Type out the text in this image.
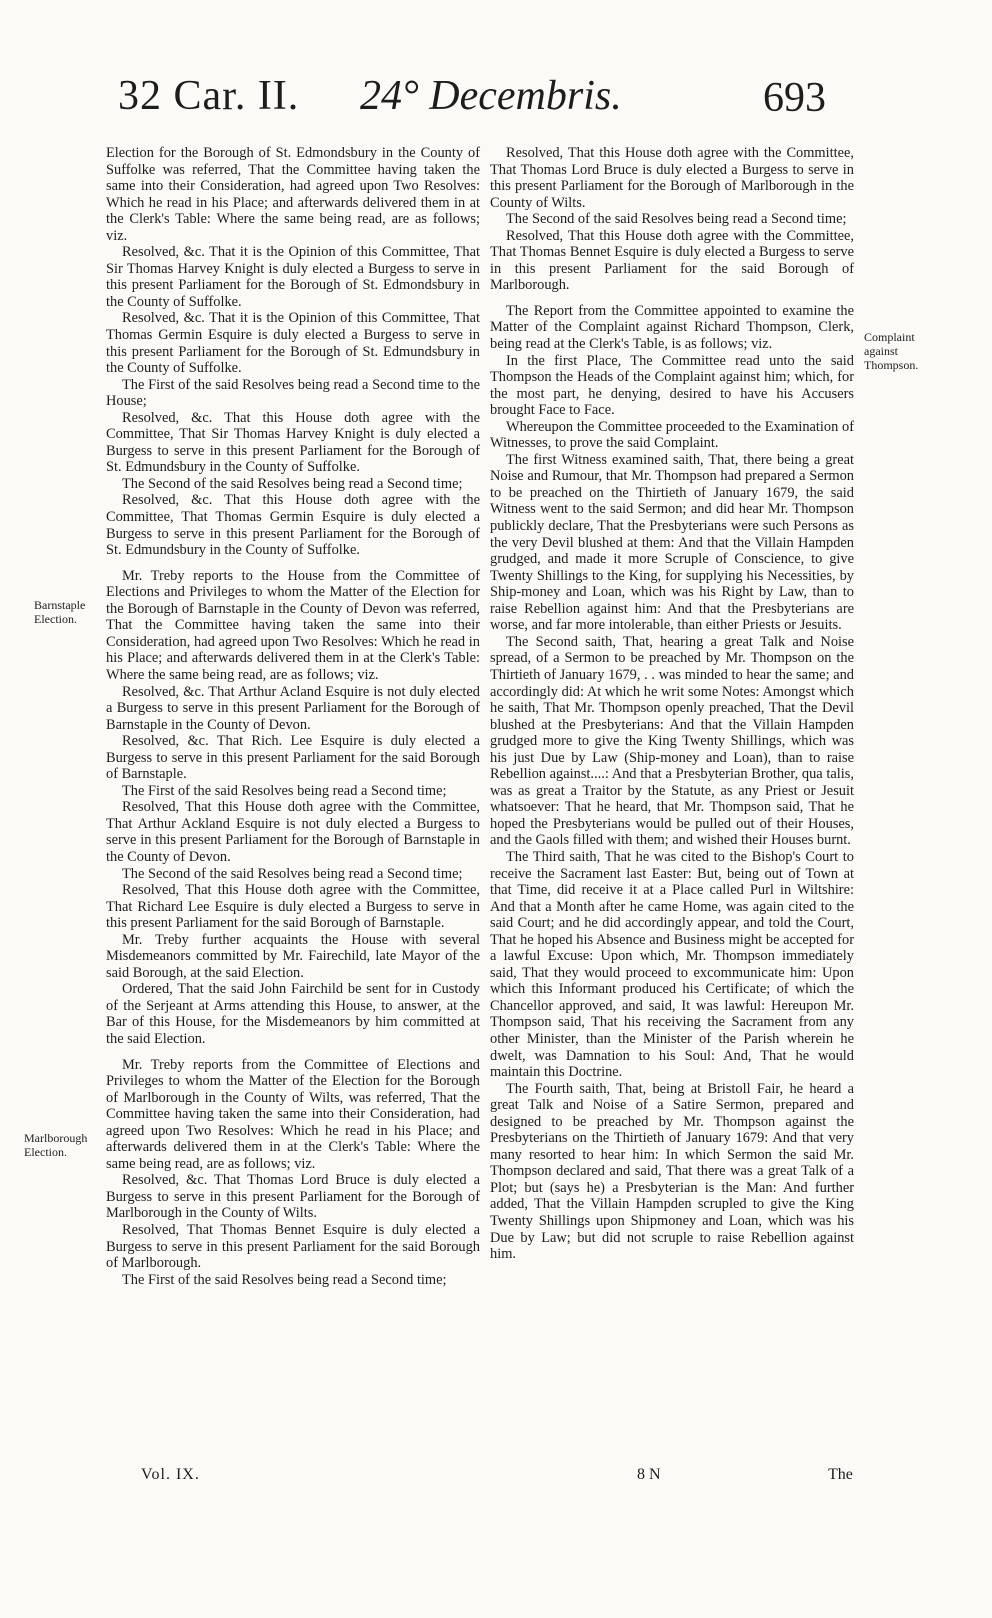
32 Car. II. 24° Decembris.	693
Barnstaple Election.
Marlborough Election.
Complaint against Thompson.

Election for the Borough of St. Edmondsbury in the County of Suffolke was referred, That the Committee having taken the same into their Consideration, had agreed upon Two Resolves: Which he read in his Place; and afterwards delivered them in at the Clerk's Table: Where the same being read, are as follows; viz.

Resolved, &c. That it is the Opinion of this Committee, That Sir Thomas Harvey Knight is duly elected a Burgess to serve in this present Parliament for the Borough of St. Edmondsbury in the County of Suffolke.

Resolved, &c. That it is the Opinion of this Committee, That Thomas Germin Esquire is duly elected a Burgess to serve in this present Parliament for the Borough of St. Edmundsbury in the County of Suffolke.

The First of the said Resolves being read a Second time to the House;

Resolved, &c. That this House doth agree with the Committee, That Sir Thomas Harvey Knight is duly elected a Burgess to serve in this present Parliament for the Borough of St. Edmundsbury in the County of Suffolke.

The Second of the said Resolves being read a Second time;

Resolved, &c. That this House doth agree with the Committee, That Thomas Germin Esquire is duly elected a Burgess to serve in this present Parliament for the Borough of St. Edmundsbury in the County of Suffolke.

Mr. Treby reports to the House from the Committee of Elections and Privileges to whom the Matter of the Election for the Borough of Barnstaple in the County of Devon was referred, That the Committee having taken the same into their Consideration, had agreed upon Two Resolves: Which he read in his Place; and afterwards delivered them in at the Clerk's Table: Where the same being read, are as follows; viz.

Resolved, &c. That Arthur Acland Esquire is not duly elected a Burgess to serve in this present Parliament for the Borough of Barnstaple in the County of Devon.

Resolved, &c. That Rich. Lee Esquire is duly elected a Burgess to serve in this present Parliament for the said Borough of Barnstaple.

The First of the said Resolves being read a Second time;

Resolved, That this House doth agree with the Committee, That Arthur Ackland Esquire is not duly elected a Burgess to serve in this present Parliament for the Borough of Barnstaple in the County of Devon.

The Second of the said Resolves being read a Second time;

Resolved, That this House doth agree with the Committee, That Richard Lee Esquire is duly elected a Burgess to serve in this present Parliament for the said Borough of Barnstaple.

Mr. Treby further acquaints the House with several Misdemeanors committed by Mr. Fairechild, late Mayor of the said Borough, at the said Election.

Ordered, That the said John Fairchild be sent for in Custody of the Serjeant at Arms attending this House, to answer, at the Bar of this House, for the Misdemeanors by him committed at the said Election.

Mr. Treby reports from the Committee of Elections and Privileges to whom the Matter of the Election for the Borough of Marlborough in the County of Wilts, was referred, That the Committee having taken the same into their Consideration, had agreed upon Two Resolves: Which he read in his Place; and afterwards delivered them in at the Clerk's Table: Where the same being read, are as follows; viz.

Resolved, &c. That Thomas Lord Bruce is duly elected a Burgess to serve in this present Parliament for the Borough of Marlborough in the County of Wilts.

Resolved, That Thomas Bennet Esquire is duly elected a Burgess to serve in this present Parliament for the said Borough of Marlborough.

The First of the said Resolves being read a Second time;

Resolved, That this House doth agree with the Committee, That Thomas Lord Bruce is duly elected a Burgess to serve in this present Parliament for the Borough of Marlborough in the County of Wilts.

The Second of the said Resolves being read a Second time;

Resolved, That this House doth agree with the Committee, That Thomas Bennet Esquire is duly elected a Burgess to serve in this present Parliament for the said Borough of Marlborough.

The Report from the Committee appointed to examine the Matter of the Complaint against Richard Thompson, Clerk, being read at the Clerk's Table, is as follows; viz.

In the first Place, The Committee read unto the said Thompson the Heads of the Complaint against him; which, for the most part, he denying, desired to have his Accusers brought Face to Face.

Whereupon the Committee proceeded to the Examination of Witnesses, to prove the said Complaint.

The first Witness examined saith, That, there being a great Noise and Rumour, that Mr. Thompson had prepared a Sermon to be preached on the Thirtieth of January 1679, the said Witness went to the said Sermon; and did hear Mr. Thompson publickly declare, That the Presbyterians were such Persons as the very Devil blushed at them: And that the Villain Hampden grudged, and made it more Scruple of Conscience, to give Twenty Shillings to the King, for supplying his Necessities, by Ship-money and Loan, which was his Right by Law, than to raise Rebellion against him: And that the Presbyterians are worse, and far more intolerable, than either Priests or Jesuits.

The Second saith, That, hearing a great Talk and Noise spread, of a Sermon to be preached by Mr. Thompson on the Thirtieth of January 1679, . . was minded to hear the same; and accordingly did: At which he writ some Notes: Amongst which he saith, That Mr. Thompson openly preached, That the Devil blushed at the Presbyterians: And that the Villain Hampden grudged more to give the King Twenty Shillings, which was his just Due by Law (Ship-money and Loan), than to raise Rebellion against....: And that a Presbyterian Brother, qua talis, was as great a Traitor by the Statute, as any Priest or Jesuit whatsoever: That he heard, that Mr. Thompson said, That he hoped the Presbyterians would be pulled out of their Houses, and the Gaols filled with them; and wished their Houses burnt.

The Third saith, That he was cited to the Bishop's Court to receive the Sacrament last Easter: But, being out of Town at that Time, did receive it at a Place called Purl in Wiltshire: And that a Month after he came Home, was again cited to the said Court; and he did accordingly appear, and told the Court, That he hoped his Absence and Business might be accepted for a lawful Excuse: Upon which, Mr. Thompson immediately said, That they would proceed to excommunicate him: Upon which this Informant produced his Certificate; of which the Chancellor approved, and said, It was lawful: Hereupon Mr. Thompson said, That his receiving the Sacrament from any other Minister, than the Minister of the Parish wherein he dwelt, was Damnation to his Soul: And, That he would maintain this Doctrine.

The Fourth saith, That, being at Bristoll Fair, he heard a great Talk and Noise of a Satire Sermon, prepared and designed to be preached by Mr. Thompson against the Presbyterians on the Thirtieth of January 1679: And that very many resorted to hear him: In which Sermon the said Mr. Thompson declared and said, That there was a great Talk of a Plot; but (says he) a Presbyterian is the Man: And further added, That the Villain Hampden scrupled to give the King Twenty Shillings upon Shipmoney and Loan, which was his Due by Law; but did not scruple to raise Rebellion against him.

Vol. IX.	8 N	The
